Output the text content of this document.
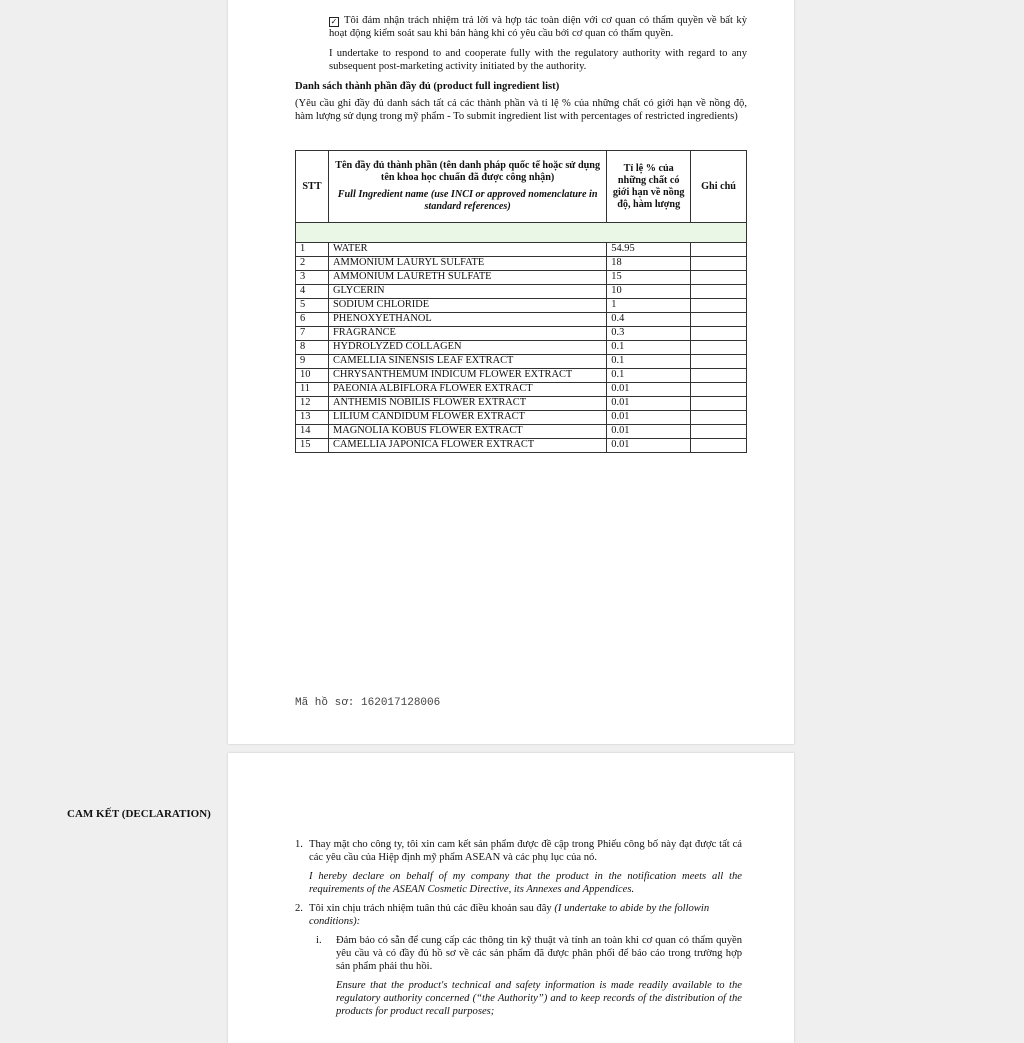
✓ Tôi đảm nhận trách nhiệm trả lời và hợp tác toàn diện với cơ quan có thẩm quyền về bất kỳ hoạt động kiểm soát sau khi bán hàng khi có yêu cầu bởi cơ quan có thẩm quyền.
I undertake to respond to and cooperate fully with the regulatory authority with regard to any subsequent post-marketing activity initiated by the authority.
Danh sách thành phần đầy đủ (product full ingredient list)
(Yêu cầu ghi đầy đủ danh sách tất cả các thành phần và tỉ lệ % của những chất có giới hạn về nồng độ, hàm lượng sử dụng trong mỹ phẩm - To submit ingredient list with percentages of restricted ingredients)
STT	Tên đầy đủ thành phần (tên danh pháp quốc tế hoặc sử dụng tên khoa học chuẩn đã được công nhận)
Full Ingredient name (use INCI or approved nomenclature in standard references)	Tỉ lệ % của những chất có giới hạn về nồng độ, hàm lượng	Ghi chú

1	WATER	54.95	
2	AMMONIUM LAURYL SULFATE	18	
3	AMMONIUM LAURETH SULFATE	15	
4	GLYCERIN	10	
5	SODIUM CHLORIDE	1	
6	PHENOXYETHANOL	0.4	
7	FRAGRANCE	0.3	
8	HYDROLYZED COLLAGEN	0.1	
9	CAMELLIA SINENSIS LEAF EXTRACT	0.1	
10	CHRYSANTHEMUM INDICUM FLOWER EXTRACT	0.1	
11	PAEONIA ALBIFLORA FLOWER EXTRACT	0.01	
12	ANTHEMIS NOBILIS FLOWER EXTRACT	0.01	
13	LILIUM CANDIDUM FLOWER EXTRACT	0.01	
14	MAGNOLIA KOBUS FLOWER EXTRACT	0.01	
15	CAMELLIA JAPONICA FLOWER EXTRACT	0.01	
Mã hồ sơ: 162017128006
CAM KẾT (DECLARATION)
1. Thay mặt cho công ty, tôi xin cam kết sản phẩm được đề cập trong Phiếu công bố này đạt được tất cả các yêu cầu của Hiệp định mỹ phẩm ASEAN và các phụ lục của nó.
I hereby declare on behalf of my company that the product in the notification meets all the requirements of the ASEAN Cosmetic Directive, its Annexes and Appendices.
2. Tôi xin chịu trách nhiệm tuân thủ các điều khoản sau đây (I undertake to abide by the followin conditions):
i. Đảm bảo có sẵn để cung cấp các thông tin kỹ thuật và tính an toàn khi cơ quan có thẩm quyền yêu cầu và có đầy đủ hồ sơ về các sản phẩm đã được phân phối để báo cáo trong trường hợp sản phẩm phải thu hồi.
Ensure that the product's technical and safety information is made readily available to the regulatory authority concerned (“the Authority”) and to keep records of the distribution of the products for product recall purposes;
